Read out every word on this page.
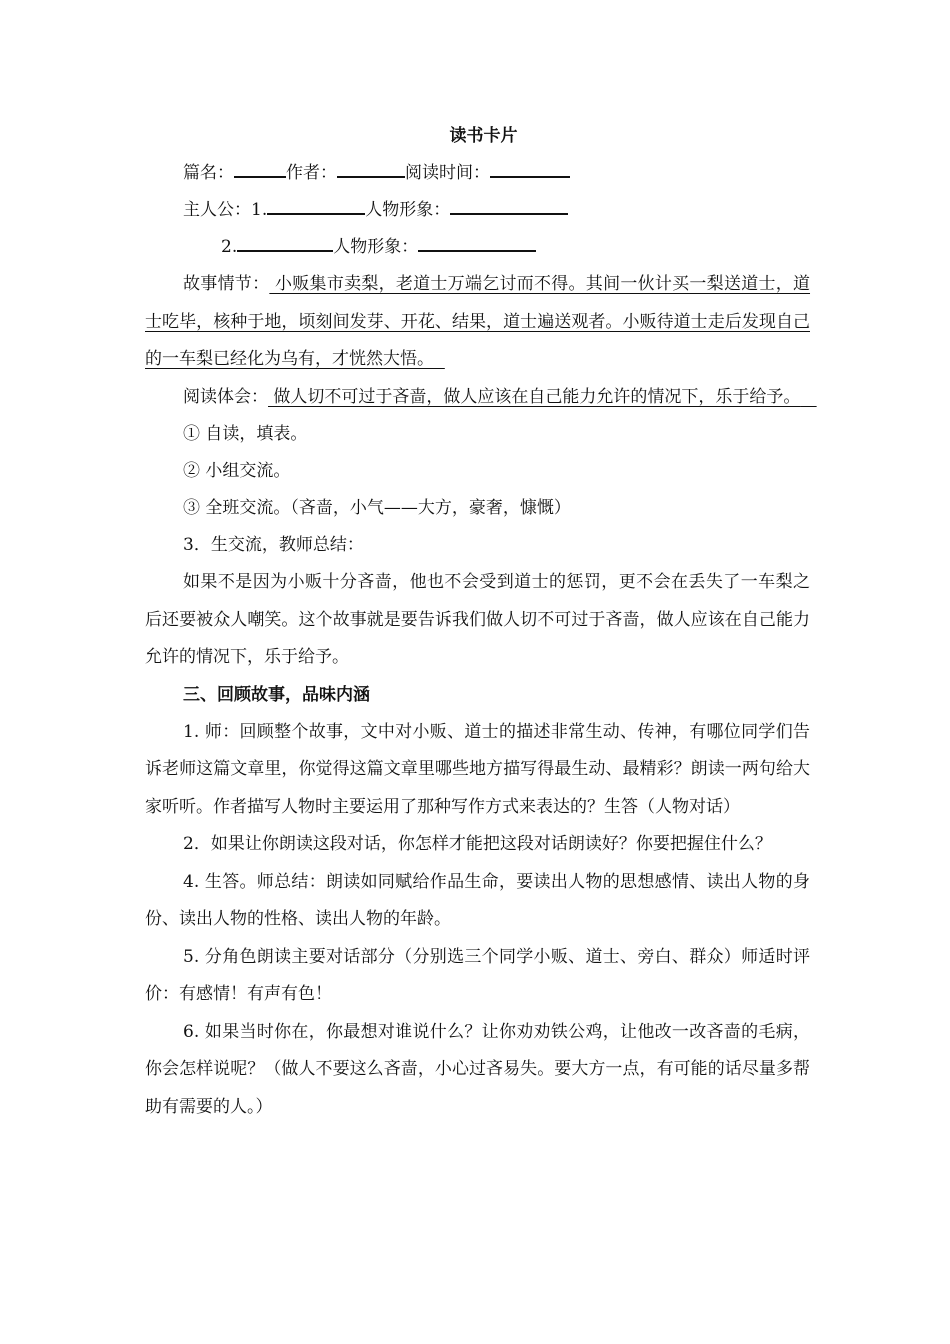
读书卡片
篇名：	作者：	阅读时间：
主人公：1.	人物形象：
2.	人物形象：

故事情节： 小贩集市卖梨，老道士万端乞讨而不得。其间一伙计买一梨送道士，道士吃毕，核种于地，顷刻间发芽、开花、结果，道士遍送观者。小贩待道士走后发现自己的一车梨已经化为乌有，才恍然大悟。

阅读体会： 做人切不可过于吝啬，做人应该在自己能力允许的情况下，乐于给予。

① 自读，填表。
② 小组交流。
③ 全班交流。（吝啬，小气——大方，豪奢，慷慨）
3．生交流，教师总结：

如果不是因为小贩十分吝啬，他也不会受到道士的惩罚，更不会在丢失了一车梨之后还要被众人嘲笑。这个故事就是要告诉我们做人切不可过于吝啬，做人应该在自己能力允许的情况下，乐于给予。

三、回顾故事，品味内涵

1. 师：回顾整个故事，文中对小贩、道士的描述非常生动、传神，有哪位同学们告诉老师这篇文章里，你觉得这篇文章里哪些地方描写得最生动、最精彩？朗读一两句给大家听听。作者描写人物时主要运用了那种写作方式来表达的？生答（人物对话）

2．如果让你朗读这段对话，你怎样才能把这段对话朗读好？你要把握住什么？

4. 生答。师总结：朗读如同赋给作品生命，要读出人物的思想感情、读出人物的身份、读出人物的性格、读出人物的年龄。

5. 分角色朗读主要对话部分（分别选三个同学小贩、道士、旁白、群众）师适时评价：有感情！有声有色！

6. 如果当时你在，你最想对谁说什么？让你劝劝铁公鸡，让他改一改吝啬的毛病，你会怎样说呢？（做人不要这么吝啬，小心过吝易失。要大方一点，有可能的话尽量多帮助有需要的人。）
